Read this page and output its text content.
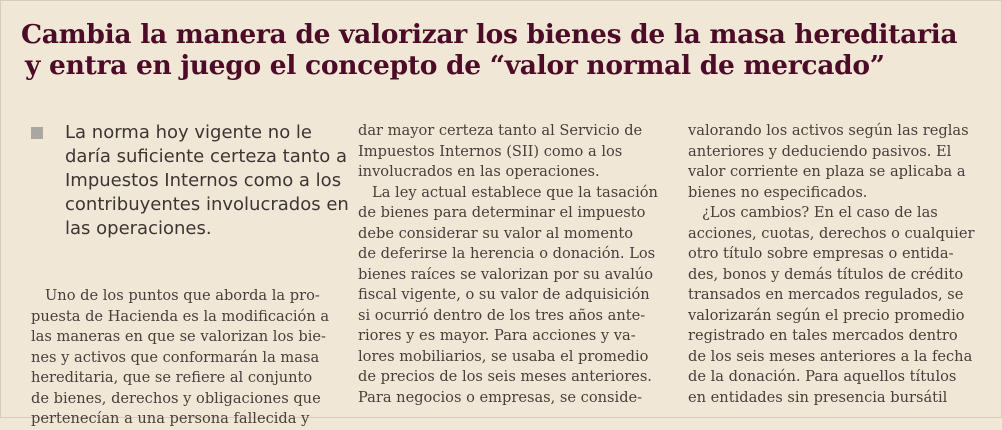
Cambia la manera de valorizar los bienes de la masa hereditaria
y entra en juego el concepto de “valor normal de mercado”
La norma hoy vigente no le
daría suficiente certeza tanto a
Impuestos Internos como a los
contribuyentes involucrados en
las operaciones.
Uno de los puntos que aborda la pro-
puesta de Hacienda es la modificación a
las maneras en que se valorizan los bie-
nes y activos que conformarán la masa
hereditaria, que se refiere al conjunto
de bienes, derechos y obligaciones que
pertenecían a una persona fallecida y
dar mayor certeza tanto al Servicio de
Impuestos Internos (SII) como a los
involucrados en las operaciones.
La ley actual establece que la tasación
de bienes para determinar el impuesto
debe considerar su valor al momento
de deferirse la herencia o donación. Los
bienes raíces se valorizan por su avalúo
fiscal vigente, o su valor de adquisición
si ocurrió dentro de los tres años ante-
riores y es mayor. Para acciones y va-
lores mobiliarios, se usaba el promedio
de precios de los seis meses anteriores.
Para negocios o empresas, se conside-
valorando los activos según las reglas
anteriores y deduciendo pasivos. El
valor corriente en plaza se aplicaba a
bienes no especificados.
¿Los cambios? En el caso de las
acciones, cuotas, derechos o cualquier
otro título sobre empresas o entida-
des, bonos y demás títulos de crédito
transados en mercados regulados, se
valorizarán según el precio promedio
registrado en tales mercados dentro
de los seis meses anteriores a la fecha
de la donación. Para aquellos títulos
en entidades sin presencia bursátil
